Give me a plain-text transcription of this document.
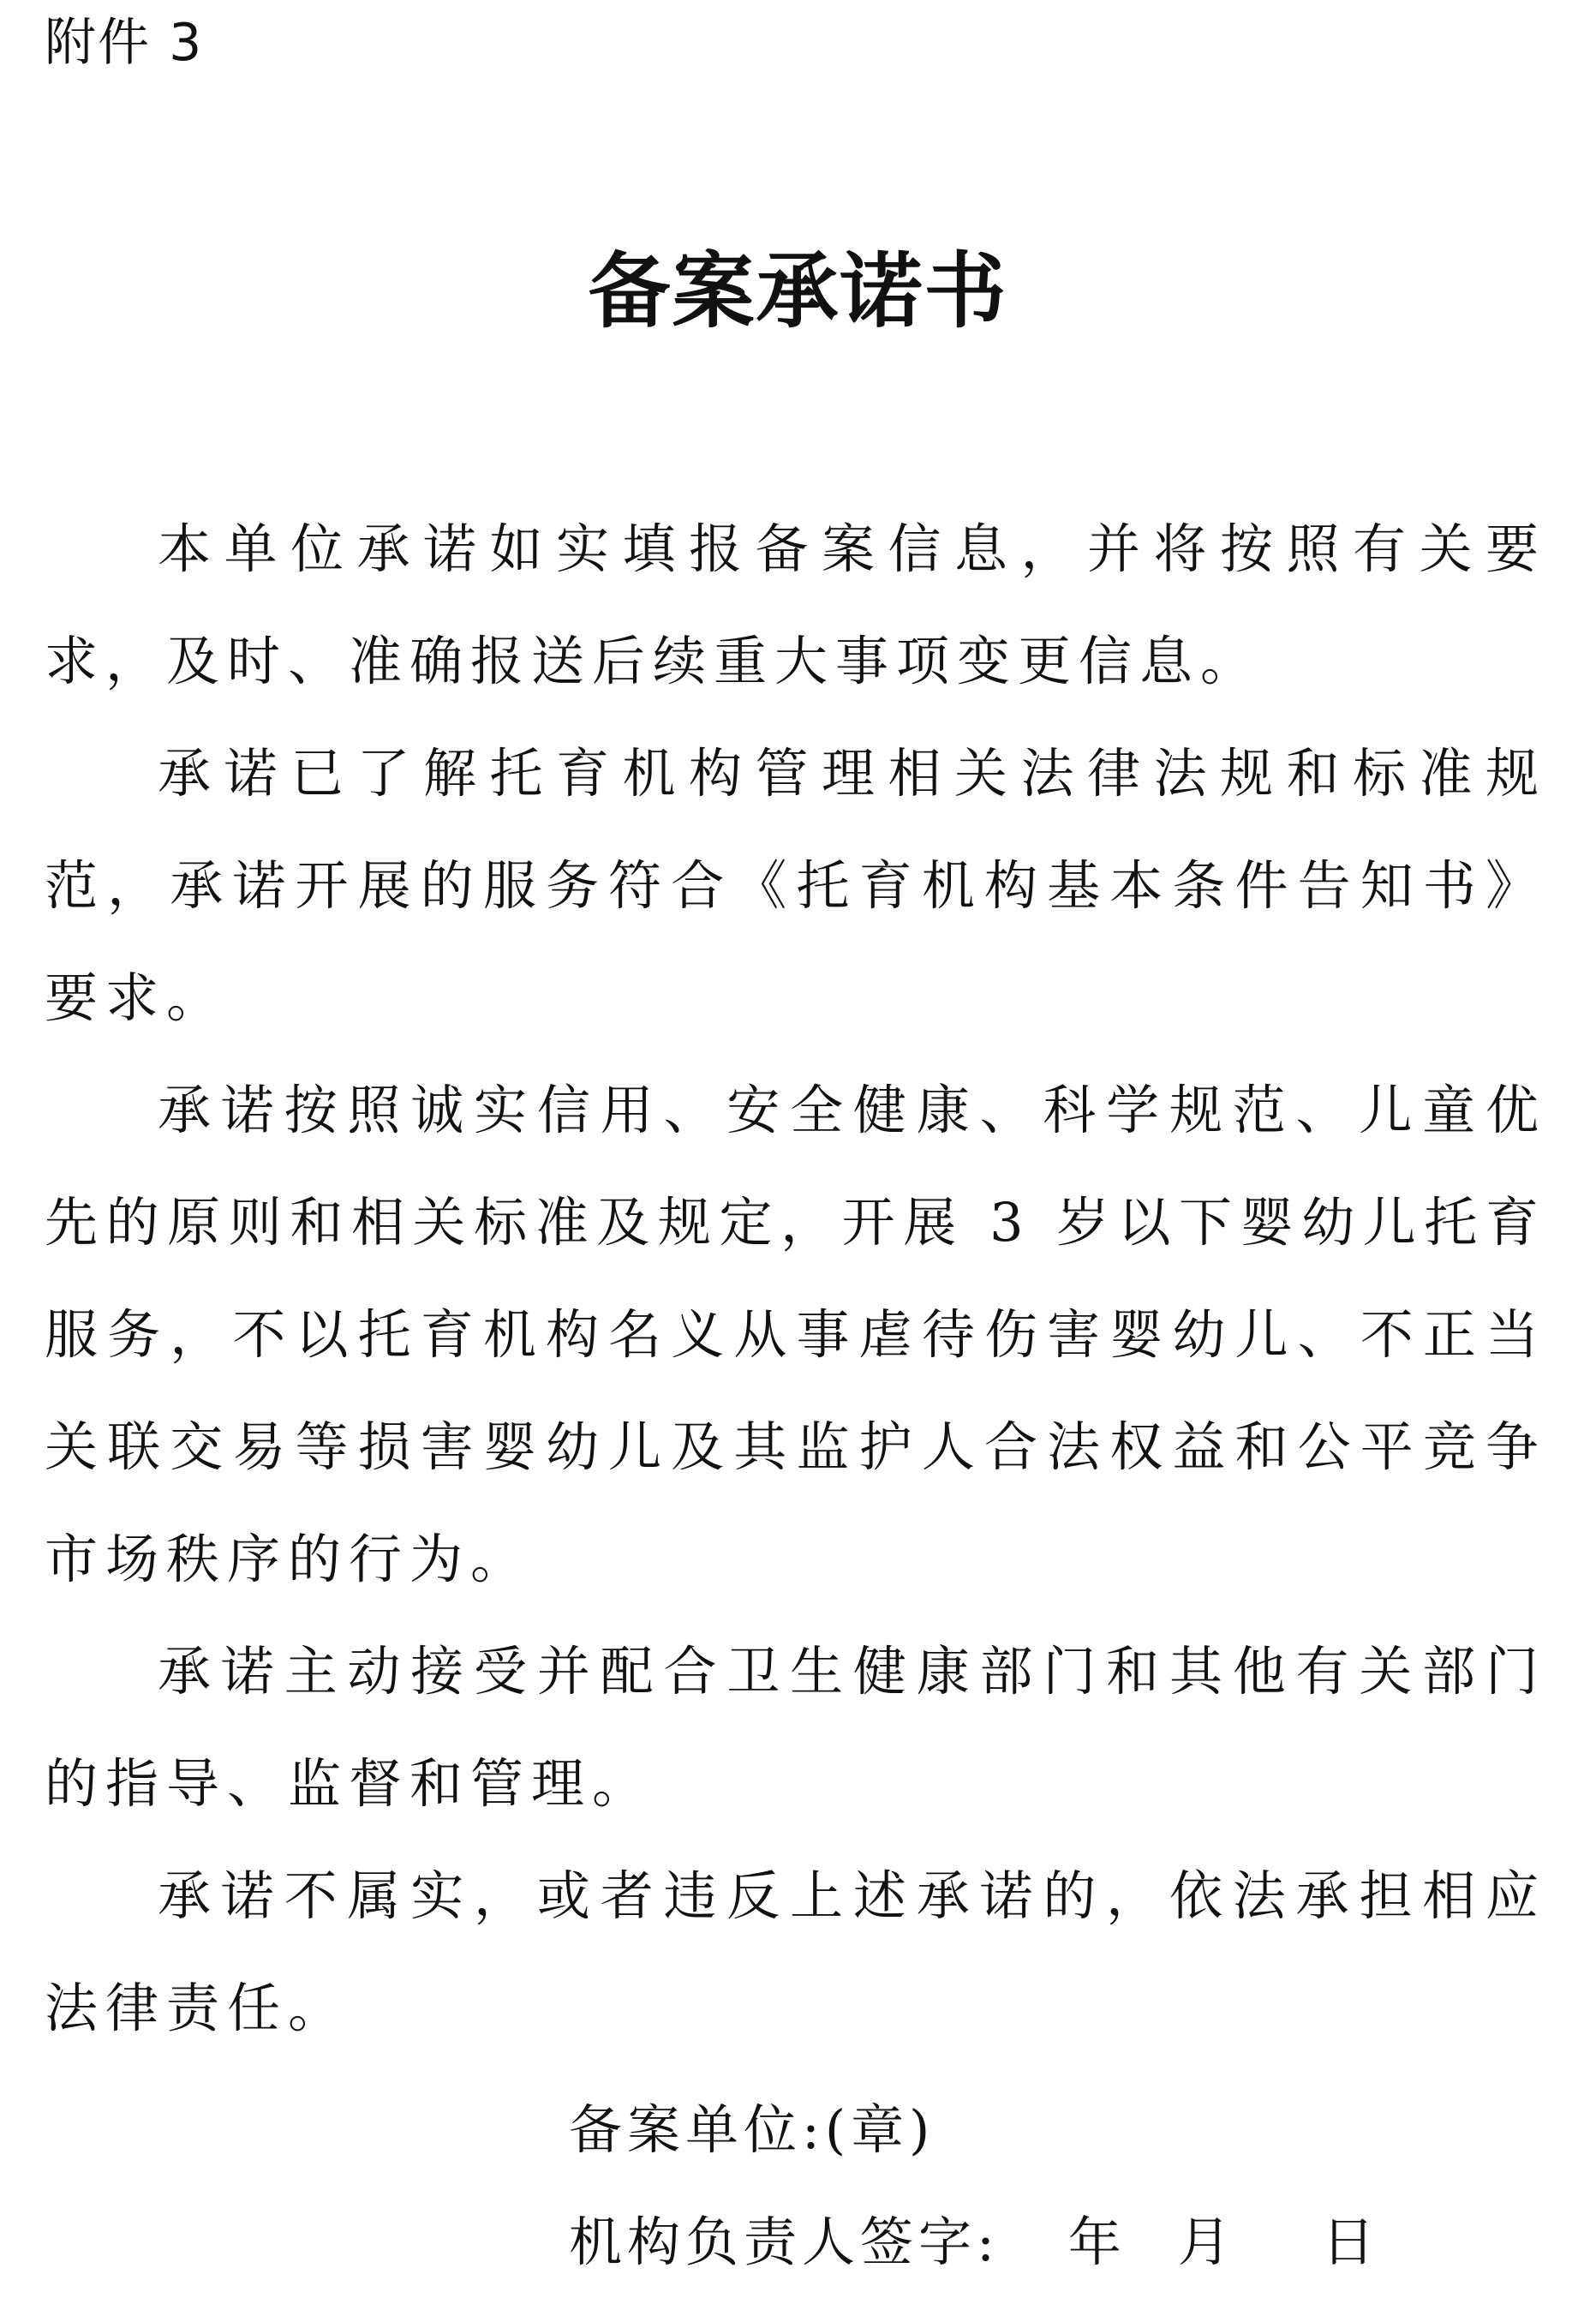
附件 3
备案承诺书

本单位承诺如实填报备案信息，并将按照有关要求，及时、准确报送后续重大事项变更信息。

承诺已了解托育机构管理相关法律法规和标准规范，承诺开展的服务符合《托育机构基本条件告知书》要求。

承诺按照诚实信用、安全健康、科学规范、儿童优先的原则和相关标准及规定，开展 3 岁以下婴幼儿托育服务，不以托育机构名义从事虐待伤害婴幼儿、不正当关联交易等损害婴幼儿及其监护人合法权益和公平竞争市场秩序的行为。

承诺主动接受并配合卫生健康部门和其他有关部门的指导、监督和管理。

承诺不属实，或者违反上述承诺的，依法承担相应法律责任。

备案单位:(章)
机构负责人签字: 年 月 日
